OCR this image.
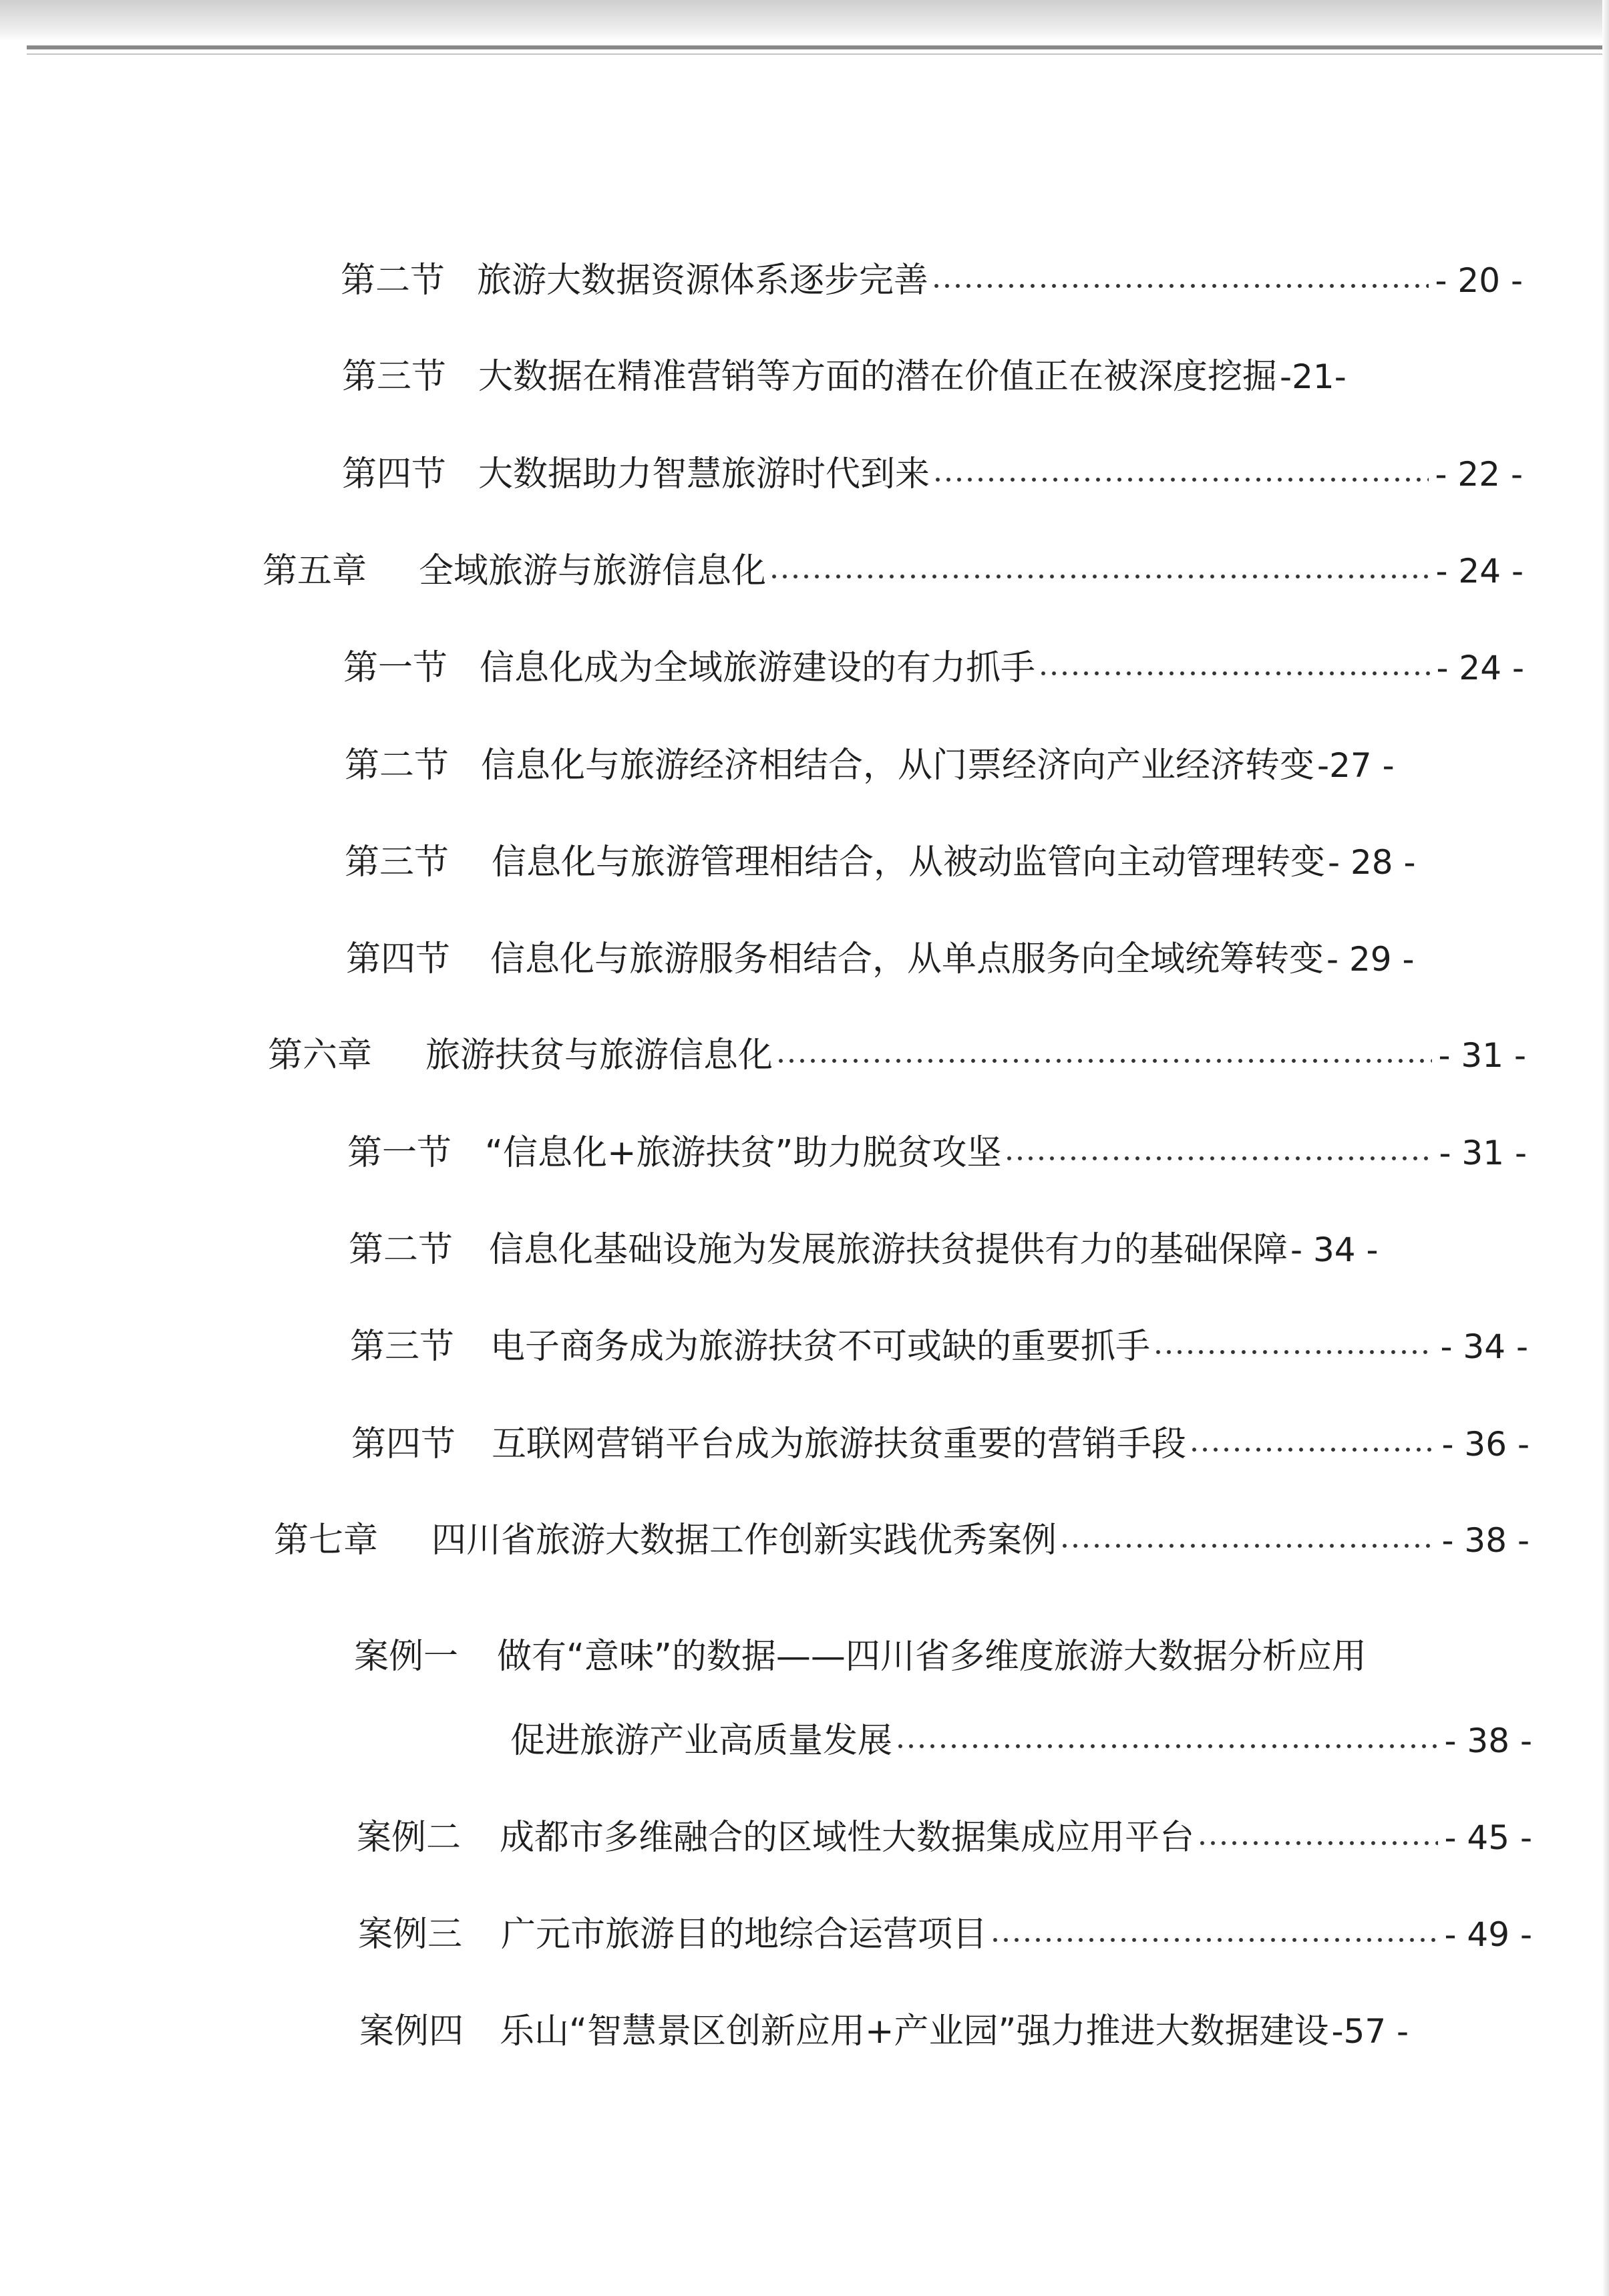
第二节 旅游大数据资源体系逐步完善	- 20 -
第三节 大数据在精准营销等方面的潜在价值正在被深度挖掘 -21-
第四节 大数据助力智慧旅游时代到来	- 22 -
第五章 全域旅游与旅游信息化	- 24 -
第一节 信息化成为全域旅游建设的有力抓手	- 24 -
第二节 信息化与旅游经济相结合，从门票经济向产业经济转变 -27 -
第三节 信息化与旅游管理相结合，从被动监管向主动管理转变 - 28 -
第四节 信息化与旅游服务相结合，从单点服务向全域统筹转变 - 29 -
第六章 旅游扶贫与旅游信息化	- 31 -
第一节 “信息化+旅游扶贫”助力脱贫攻坚	- 31 -
第二节 信息化基础设施为发展旅游扶贫提供有力的基础保障 - 34 -
第三节 电子商务成为旅游扶贫不可或缺的重要抓手	- 34 -
第四节 互联网营销平台成为旅游扶贫重要的营销手段	- 36 -
第七章 四川省旅游大数据工作创新实践优秀案例	- 38 -
案例一 做有“意味”的数据——四川省多维度旅游大数据分析应用
促进旅游产业高质量发展	- 38 -
案例二 成都市多维融合的区域性大数据集成应用平台	- 45 -
案例三 广元市旅游目的地综合运营项目	- 49 -
案例四 乐山“智慧景区创新应用+产业园”强力推进大数据建设 -57 -
